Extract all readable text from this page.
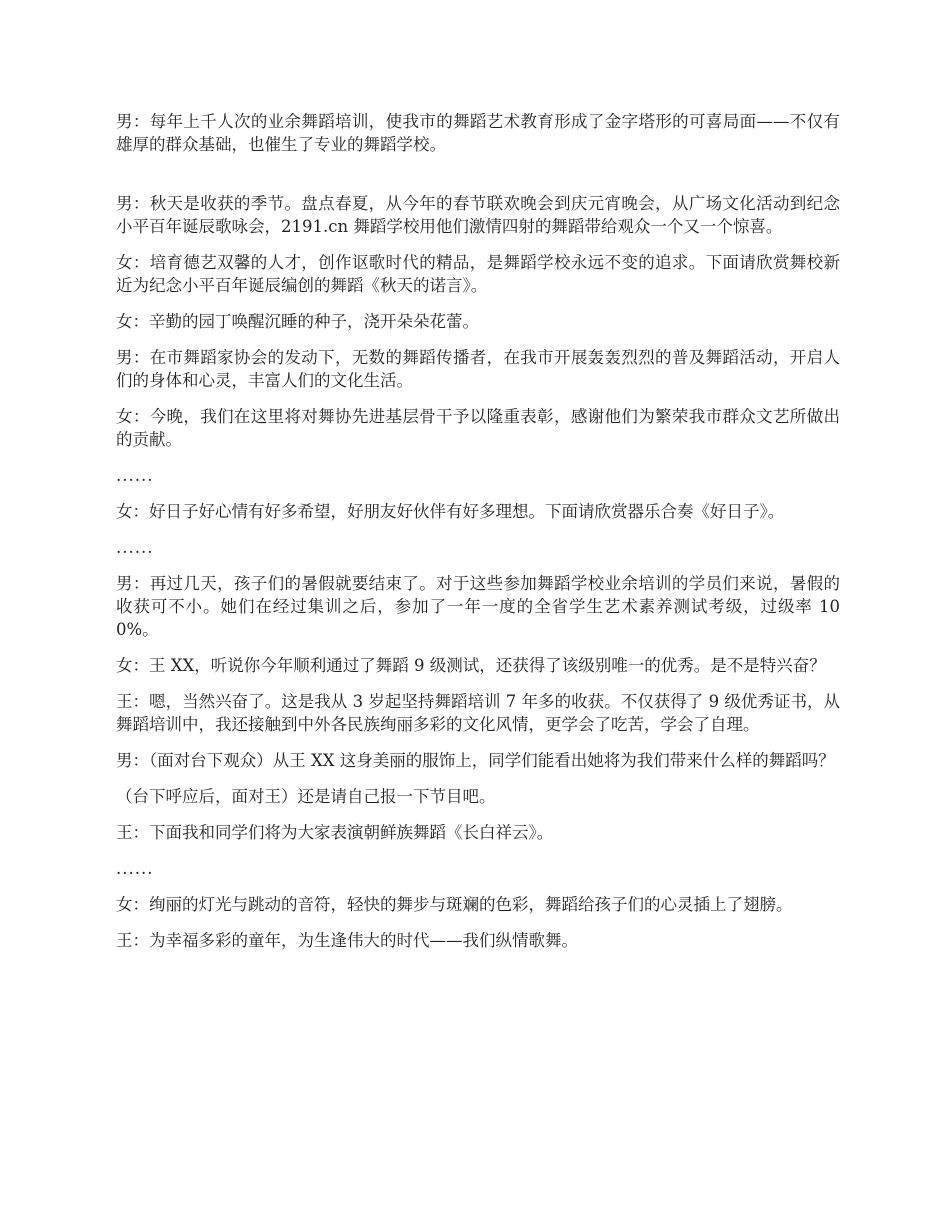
男：每年上千人次的业余舞蹈培训，使我市的舞蹈艺术教育形成了金字塔形的可喜局面——不仅有雄厚的群众基础，也催生了专业的舞蹈学校。

男：秋天是收获的季节。盘点春夏，从今年的春节联欢晚会到庆元宵晚会，从广场文化活动到纪念小平百年诞辰歌咏会，2191.cn 舞蹈学校用他们激情四射的舞蹈带给观众一个又一个惊喜。

女：培育德艺双馨的人才，创作讴歌时代的精品，是舞蹈学校永远不变的追求。下面请欣赏舞校新近为纪念小平百年诞辰编创的舞蹈《秋天的诺言》。

女：辛勤的园丁唤醒沉睡的种子，浇开朵朵花蕾。

男：在市舞蹈家协会的发动下，无数的舞蹈传播者，在我市开展轰轰烈烈的普及舞蹈活动，开启人们的身体和心灵，丰富人们的文化生活。

女：今晚，我们在这里将对舞协先进基层骨干予以隆重表彰，感谢他们为繁荣我市群众文艺所做出的贡献。

......

女：好日子好心情有好多希望，好朋友好伙伴有好多理想。下面请欣赏器乐合奏《好日子》。

......

男：再过几天，孩子们的暑假就要结束了。对于这些参加舞蹈学校业余培训的学员们来说，暑假的收获可不小。她们在经过集训之后，参加了一年一度的全省学生艺术素养测试考级，过级率 100%。

女：王 XX，听说你今年顺利通过了舞蹈 9 级测试，还获得了该级别唯一的优秀。是不是特兴奋？

王：嗯，当然兴奋了。这是我从 3 岁起坚持舞蹈培训 7 年多的收获。不仅获得了 9 级优秀证书，从舞蹈培训中，我还接触到中外各民族绚丽多彩的文化风情，更学会了吃苦，学会了自理。

男：（面对台下观众）从王 XX 这身美丽的服饰上，同学们能看出她将为我们带来什么样的舞蹈吗？

（台下呼应后，面对王）还是请自己报一下节目吧。

王：下面我和同学们将为大家表演朝鲜族舞蹈《长白祥云》。

......

女：绚丽的灯光与跳动的音符，轻快的舞步与斑斓的色彩，舞蹈给孩子们的心灵插上了翅膀。

王：为幸福多彩的童年，为生逢伟大的时代——我们纵情歌舞。
